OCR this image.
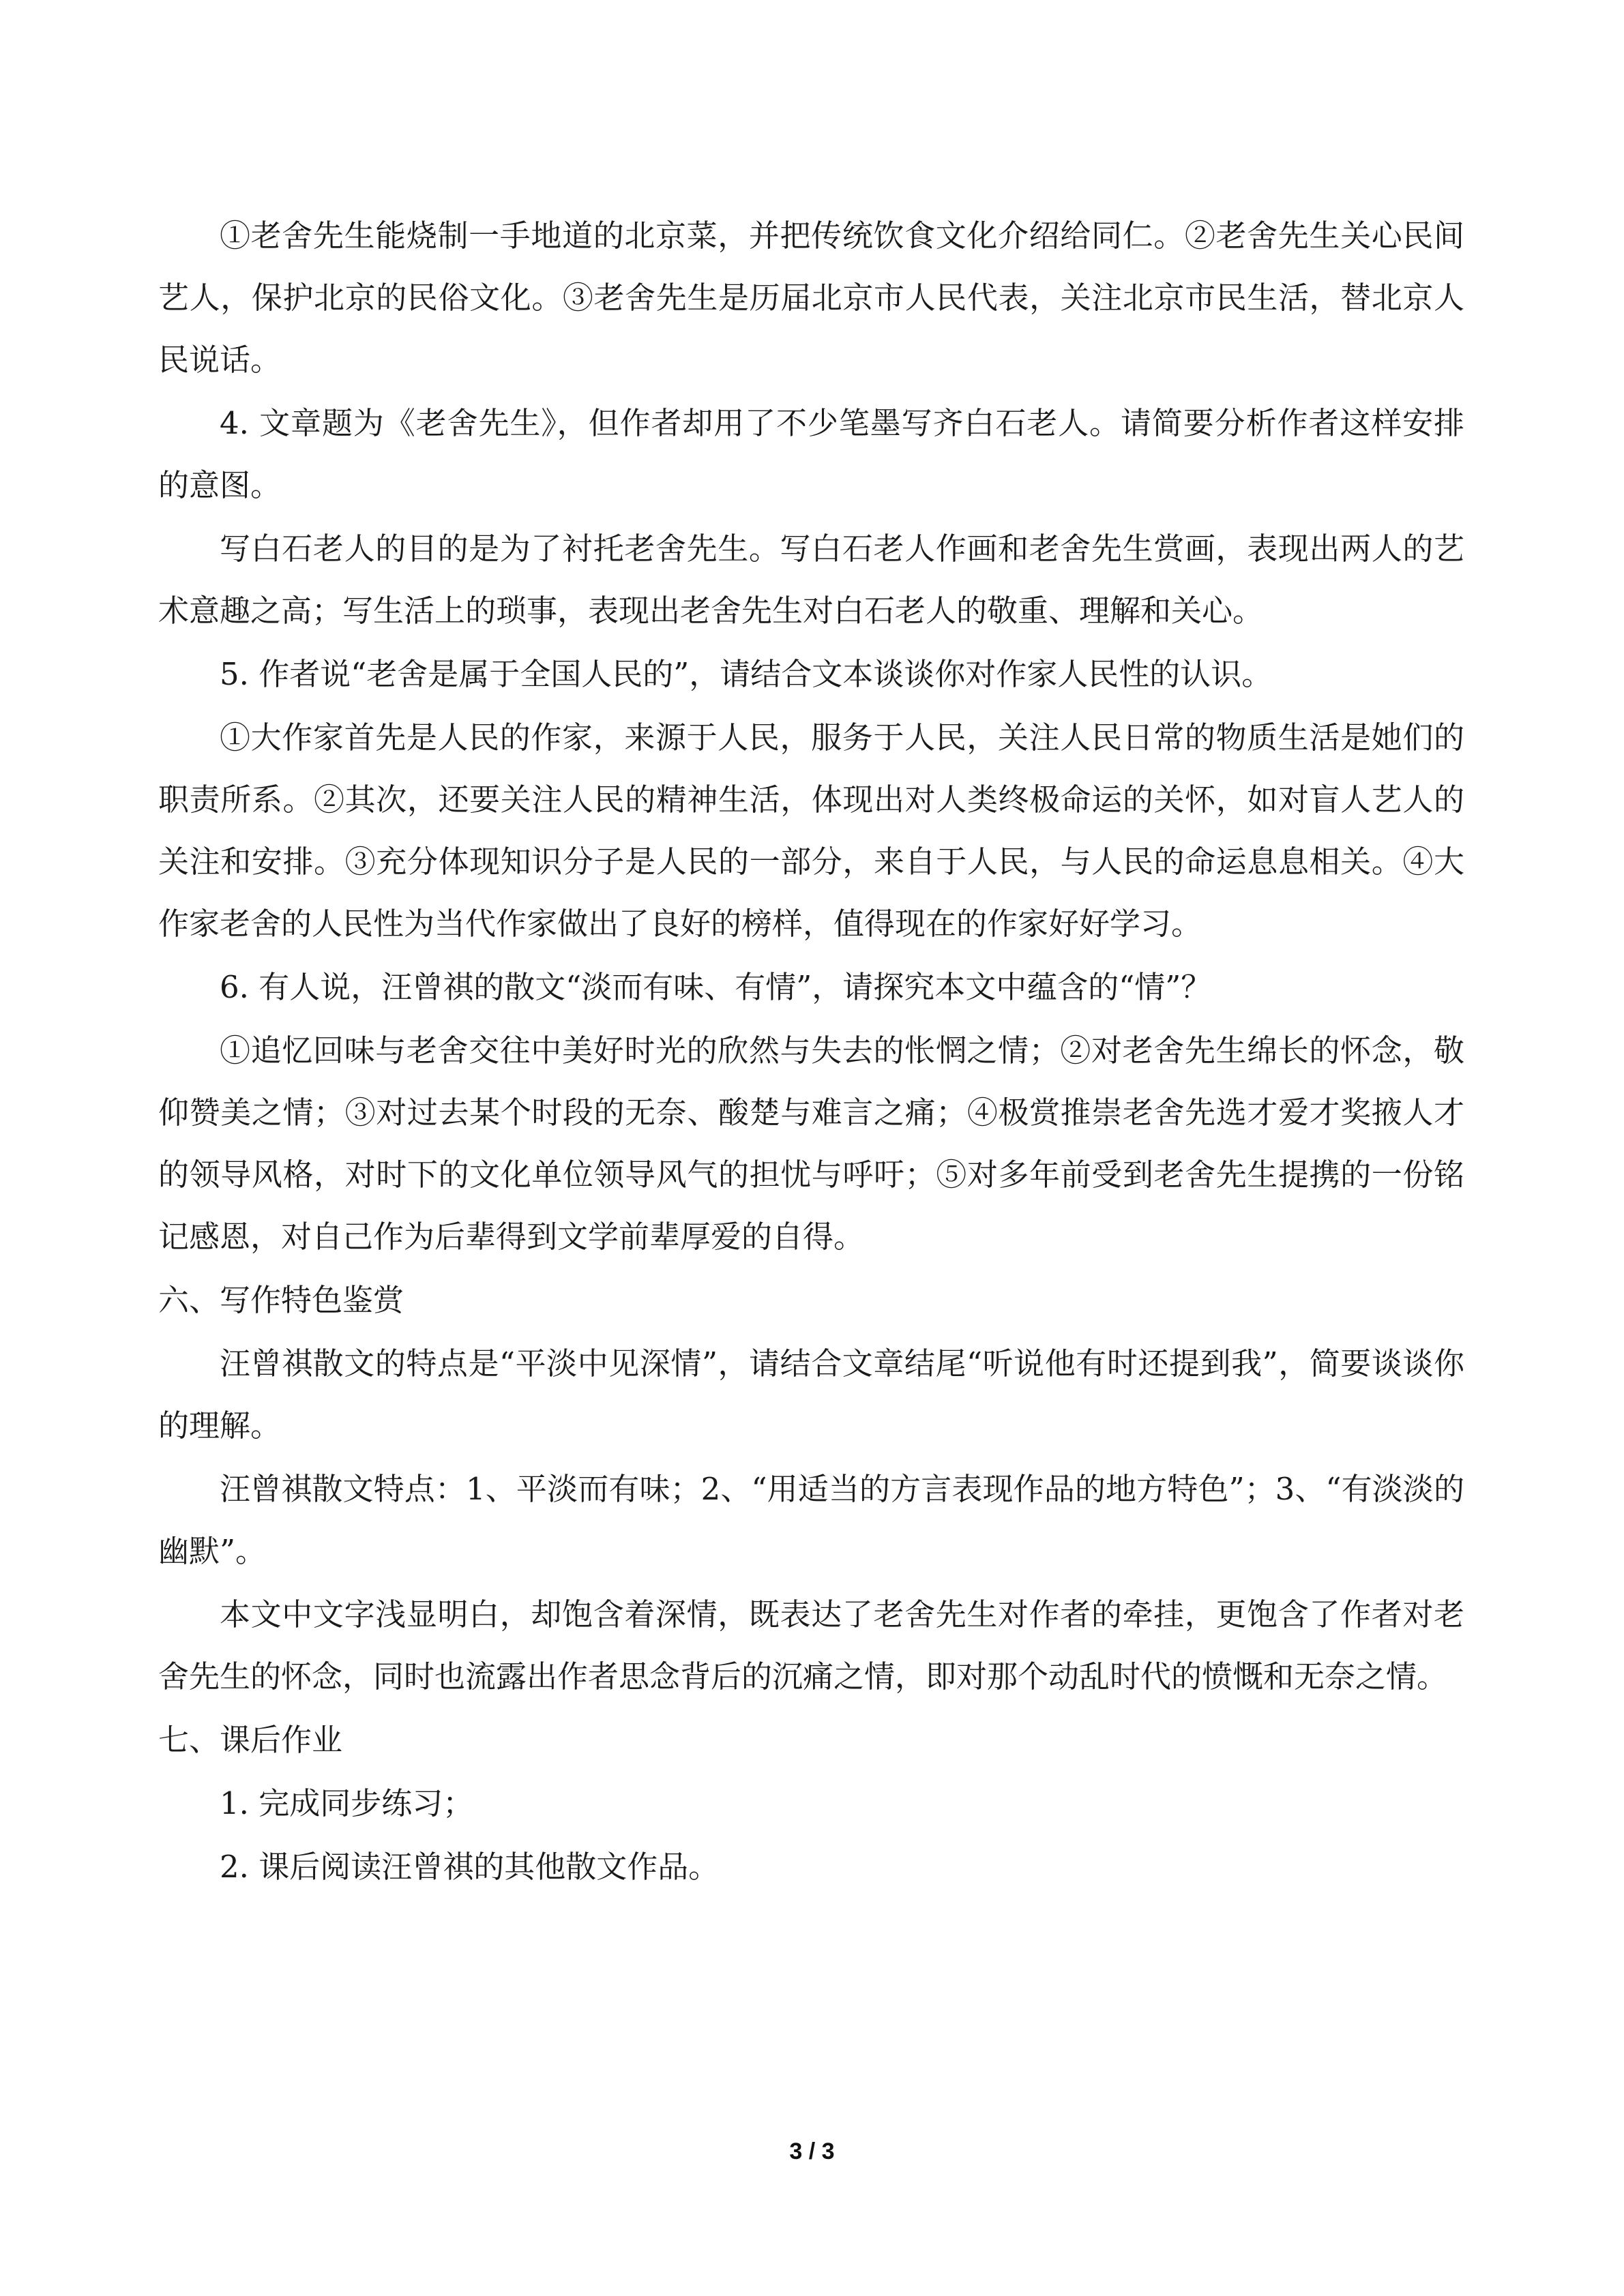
①老舍先生能烧制一手地道的北京菜，并把传统饮食文化介绍给同仁。②老舍先生关心民间艺人，保护北京的民俗文化。③老舍先生是历届北京市人民代表，关注北京市民生活，替北京人民说话。

4. 文章题为《老舍先生》，但作者却用了不少笔墨写齐白石老人。请简要分析作者这样安排的意图。

写白石老人的目的是为了衬托老舍先生。写白石老人作画和老舍先生赏画，表现出两人的艺术意趣之高；写生活上的琐事，表现出老舍先生对白石老人的敬重、理解和关心。

5. 作者说“老舍是属于全国人民的”，请结合文本谈谈你对作家人民性的认识。

①大作家首先是人民的作家，来源于人民，服务于人民，关注人民日常的物质生活是她们的职责所系。②其次，还要关注人民的精神生活，体现出对人类终极命运的关怀，如对盲人艺人的关注和安排。③充分体现知识分子是人民的一部分，来自于人民，与人民的命运息息相关。④大作家老舍的人民性为当代作家做出了良好的榜样，值得现在的作家好好学习。

6. 有人说，汪曾祺的散文“淡而有味、有情”，请探究本文中蕴含的“情”？

①追忆回味与老舍交往中美好时光的欣然与失去的怅惘之情；②对老舍先生绵长的怀念，敬仰赞美之情；③对过去某个时段的无奈、酸楚与难言之痛；④极赏推崇老舍先选才爱才奖掖人才的领导风格，对时下的文化单位领导风气的担忧与呼吁；⑤对多年前受到老舍先生提携的一份铭记感恩，对自己作为后辈得到文学前辈厚爱的自得。

六、写作特色鉴赏

汪曾祺散文的特点是“平淡中见深情”，请结合文章结尾“听说他有时还提到我”，简要谈谈你的理解。

汪曾祺散文特点：1、平淡而有味；2、“用适当的方言表现作品的地方特色”；3、“有淡淡的幽默”。

本文中文字浅显明白，却饱含着深情，既表达了老舍先生对作者的牵挂，更饱含了作者对老舍先生的怀念，同时也流露出作者思念背后的沉痛之情，即对那个动乱时代的愤慨和无奈之情。

七、课后作业

1. 完成同步练习；

2. 课后阅读汪曾祺的其他散文作品。

3 / 3
